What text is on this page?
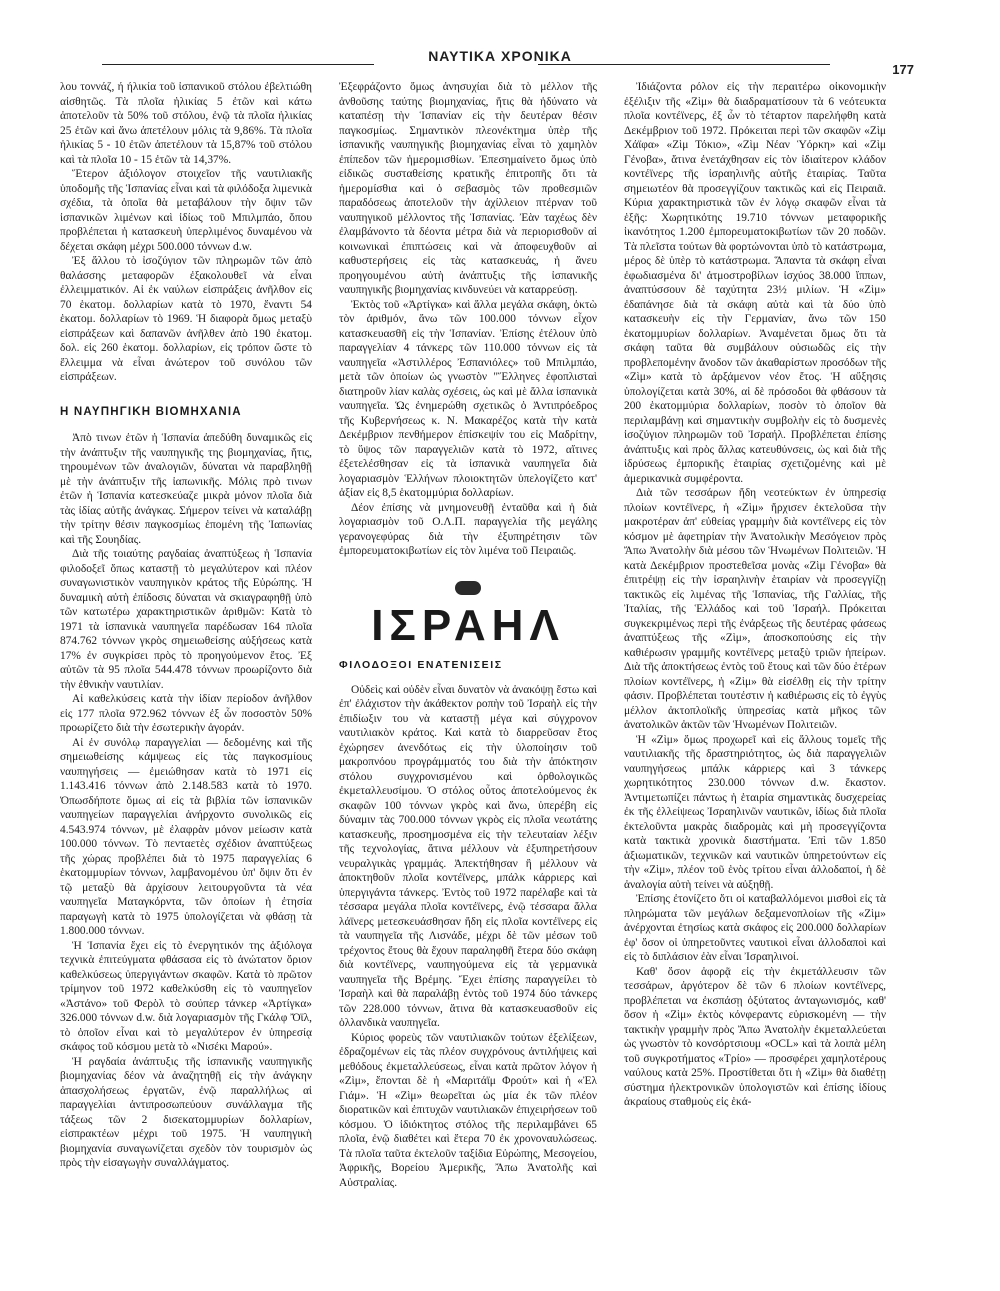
ΝΑΥΤΙΚΑ ΧΡΟΝΙΚΑ
177

λου τοννάζ, ή ήλικία τοῦ ἰσπανικοῦ στόλου ἐβελτιώθη αἰσθητῶς. Τὰ πλοῖα ἡλικίας 5 ἐτῶν καὶ κάτω ἀποτελοῦν τὰ 50% τοῦ στόλου, ἐνῷ τὰ πλοῖα ἡλικίας 25 ἐτῶν καὶ ἄνω ἀπετέλουν μόλις τὰ 9,86%. Τὰ πλοῖα ἡλικίας 5 - 10 ἐτῶν ἀπετέλουν τὰ 15,87% τοῦ στόλου καὶ τὰ πλοῖα 10 - 15 ἐτῶν τὰ 14,37%.

Ἕτερον ἀξιόλογον στοιχεῖον τῆς ναυτιλιακῆς ὑποδομῆς τῆς Ἱσπανίας εἶναι καὶ τὰ φιλόδοξα λιμενικὰ σχέδια, τὰ ὁποῖα θὰ μεταβάλουν τὴν ὄψιν τῶν ἰσπανικῶν λιμένων καὶ ἰδίως τοῦ Μπιλμπάο, ὅπου προβλέπεται ἡ κατασκευὴ ὑπερλιμένος δυναμένου νὰ δέχεται σκάφη μέχρι 500.000 τόννων d.w.

Ἐξ ἄλλου τὸ ἰσοζύγιον τῶν πληρωμῶν τῶν ἀπὸ θαλάσσης μεταφορῶν ἐξακολουθεῖ νὰ εἶναι ἐλλειμματικόν. Αἱ ἐκ ναύλων εἰσπράξεις ἀνῆλθον εἰς 70 ἑκατομ. δολλαρίων κατὰ τὸ 1970, ἔναντι 54 ἑκατομ. δολλαρίων τὸ 1969. Ἡ διαφορὰ ὅμως μεταξὺ εἰσπράξεων καὶ δαπανῶν ἀνῆλθεν ἀπὸ 190 ἑκατομ. δολ. εἰς 260 ἑκατομ. δολλαρίων, εἰς τρόπον ὥστε τὸ ἔλλειμμα νὰ εἶναι ἀνώτερον τοῦ συνόλου τῶν εἰσπράξεων.

Η ΝΑΥΠΗΓΙΚΗ ΒΙΟΜΗΧΑΝΙΑ

Ἀπὸ τινων ἐτῶν ἡ Ἱσπανία ἀπεδύθη δυναμικῶς εἰς τὴν ἀνάπτυξιν τῆς ναυπηγικῆς της βιομηχανίας, ἥτις, τηρουμένων τῶν ἀναλογιῶν, δύναται νὰ παραβληθῇ μὲ τὴν ἀνάπτυξιν τῆς ἰαπωνικῆς. Μόλις πρὸ τινων ἐτῶν ἡ Ἱσπανία κατεσκεύαζε μικρὰ μόνον πλοῖα διὰ τὰς ἰδίας αὐτῆς ἀνάγκας. Σήμερον τείνει νὰ καταλάβῃ τὴν τρίτην θέσιν παγκοσμίως ἑπομένη τῆς Ἰαπωνίας καὶ τῆς Σουηδίας.

Διὰ τῆς τοιαύτης ραγδαίας ἀναπτύξεως ἡ Ἱσπανία φιλοδοξεῖ ὅπως καταστῇ τὸ μεγαλύτερον καὶ πλέον συναγωνιστικὸν ναυπηγικὸν κράτος τῆς Εὐρώπης. Ἡ δυναμικὴ αὐτὴ ἐπίδοσις δύναται νὰ σκιαγραφηθῇ ὑπὸ τῶν κατωτέρω χαρακτηριστικῶν ἀριθμῶν: Κατὰ τὸ 1971 τὰ ἰσπανικὰ ναυπηγεῖα παρέδωσαν 164 πλοῖα 874.762 τόννων γκρὸς σημειωθείσης αὐξήσεως κατὰ 17% ἐν συγκρίσει πρὸς τὸ προηγούμενον ἔτος. Ἐξ αὐτῶν τὰ 95 πλοῖα 544.478 τόννων προωρίζοντο διὰ τὴν ἐθνικὴν ναυτιλίαν.

Αἱ καθελκύσεις κατὰ τὴν ἰδίαν περίοδον ἀνῆλθον εἰς 177 πλοῖα 972.962 τόννων ἐξ ὧν ποσοστὸν 50% προωρίζετο διὰ τὴν ἐσωτερικὴν ἀγοράν.

Αἱ ἐν συνόλῳ παραγγελίαι — δεδομένης καὶ τῆς σημειωθείσης κάμψεως εἰς τὰς παγκοσμίους ναυπηγήσεις — ἐμειώθησαν κατὰ τὸ 1971 εἰς 1.143.416 τόννων ἀπὸ 2.148.583 κατὰ τὸ 1970. Ὁπωσδήποτε ὅμως αἱ εἰς τὰ βιβλία τῶν ἰσπανικῶν ναυπηγείων παραγγελίαι ἀνήρχοντο συνολικῶς εἰς 4.543.974 τόννων, μὲ ἐλαφρὰν μόνον μείωσιν κατὰ 100.000 τόννων. Τὸ πενταετὲς σχέδιον ἀναπτύξεως τῆς χώρας προβλέπει διὰ τὸ 1975 παραγγελίας 6 ἑκατομμυρίων τόννων, λαμβανομένου ὑπ' ὄψιν ὅτι ἐν τῷ μεταξὺ θὰ ἀρχίσουν λειτουργοῦντα τὰ νέα ναυπηγεῖα Ματαγκόρντα, τῶν ὁποίων ἡ ἐτησία παραγωγὴ κατὰ τὸ 1975 ὑπολογίζεται νὰ φθάσῃ τὰ 1.800.000 τόννων.

Ἡ Ἱσπανία ἔχει εἰς τὸ ἐνεργητικόν της ἀξιόλογα τεχνικὰ ἐπιτεύγματα φθάσασα εἰς τὸ ἀνώτατον ὅριον καθελκύσεως ὑπεργιγάντων σκαφῶν. Κατὰ τὸ πρῶτον τρίμηνον τοῦ 1972 καθελκύσθη εἰς τὸ ναυπηγεῖον «Ἀστάνο» τοῦ Φερὸλ τὸ σούπερ τάνκερ «Ἀρτίγκα» 326.000 τόννων d.w. διὰ λογαριασμὸν τῆς Γκάλφ Ὄϊλ, τὸ ὁποῖον εἶναι καὶ τὸ μεγαλύτερον ἐν ὑπηρεσίᾳ σκάφος τοῦ κόσμου μετὰ τὸ «Νισέκι Μαρού».

Ἡ ραγδαία ἀνάπτυξις τῆς ἰσπανικῆς ναυπηγικῆς βιομηχανίας δέον νὰ ἀναζητηθῇ εἰς τὴν ἀνάγκην ἀπασχολήσεως ἐργατῶν, ἐνῷ παραλλήλως αἱ παραγγελίαι ἀντιπροσωπεύουν συνάλλαγμα τῆς τάξεως τῶν 2 δισεκατομμυρίων δολλαρίων, εἰσπρακτέων μέχρι τοῦ 1975. Ἡ ναυπηγικὴ βιομηχανία συναγωνίζεται σχεδὸν τὸν τουρισμὸν ὡς πρὸς τὴν εἰσαγωγὴν συναλλάγματος.

Ἐξεφράζοντο ὅμως ἀνησυχίαι διὰ τὸ μέλλον τῆς ἀνθοῦσης ταύτης βιομηχανίας, ἥτις θὰ ἠδύνατο νὰ καταπέσῃ τὴν Ἱσπανίαν εἰς τὴν δευτέραν θέσιν παγκοσμίως. Σημαντικὸν πλεονέκτημα ὑπὲρ τῆς ἰσπανικῆς ναυπηγικῆς βιομηχανίας εἶναι τὸ χαμηλὸν ἐπίπεδον τῶν ἡμερομισθίων. Ἐπεσημαίνετο ὅμως ὑπὸ εἰδικῶς συσταθείσης κρατικῆς ἐπιτροπῆς ὅτι τὰ ἡμερομίσθια καὶ ὁ σεβασμὸς τῶν προθεσμιῶν παραδόσεως ἀποτελοῦν τὴν ἀχίλλειον πτέρναν τοῦ ναυπηγικοῦ μέλλοντος τῆς Ἱσπανίας. Ἐὰν ταχέως δὲν ἐλαμβάνοντο τὰ δέοντα μέτρα διὰ νὰ περιορισθοῦν αἱ κοινωνικαὶ ἐπιπτώσεις καὶ νὰ ἀποφευχθοῦν αἱ καθυστερήσεις εἰς τὰς κατασκευάς, ἡ ἄνευ προηγουμένου αὐτὴ ἀνάπτυξις τῆς ἰσπανικῆς ναυπηγικῆς βιομηχανίας κινδυνεύει νὰ καταρρεύσῃ.

Ἐκτὸς τοῦ «Ἀρτίγκα» καὶ ἄλλα μεγάλα σκάφη, ὀκτὼ τὸν ἀριθμόν, ἄνω τῶν 100.000 τόννων εἶχον κατασκευασθῆ εἰς τὴν Ἱσπανίαν. Ἐπίσης ἐτέλουν ὑπὸ παραγγελίαν 4 τάνκερς τῶν 110.000 τόννων εἰς τὰ ναυπηγεῖα «Ἀστιλλέρος Ἐσπανιόλες» τοῦ Μπιλμπάο, μετὰ τῶν ὁποίων ὡς γνωστὸν "Ἕλληνες ἐφοπλισταὶ διατηροῦν λίαν καλὰς σχέσεις, ὡς καὶ μὲ ἄλλα ἰσπανικὰ ναυπηγεῖα. Ὡς ἐνημερώθη σχετικῶς ὁ Ἀντιπρόεδρος τῆς Κυβερνήσεως κ. Ν. Μακαρέζος κατὰ τὴν κατὰ Δεκέμβριον πενθήμερον ἐπίσκεψίν του εἰς Μαδρίτην, τὸ ὕψος τῶν παραγγελιῶν κατὰ τὸ 1972, αἵτινες ἐξετελέσθησαν εἰς τὰ ἰσπανικὰ ναυπηγεῖα διὰ λογαριασμὸν Ἑλλήνων πλοιοκτητῶν ὑπελογίζετο κατ' ἀξίαν εἰς 8,5 ἑκατομμύρια δολλαρίων.

Δέον ἐπίσης νὰ μνημονευθῇ ἐνταῦθα καὶ ἡ διὰ λογαριασμὸν τοῦ Ο.Λ.Π. παραγγελία τῆς μεγάλης γερανογεφύρας διὰ τὴν ἐξυπηρέτησιν τῶν ἐμπορευματοκιβωτίων εἰς τὸν λιμένα τοῦ Πειραιῶς.

ΙΣΡΑΗΛ
ΦΙΛΟΔΟΞΟΙ ΕΝΑΤΕΝΙΣΕΙΣ

Οὐδεὶς καὶ οὐδὲν εἶναι δυνατὸν νὰ ἀνακόψῃ ἔστω καὶ ἐπ' ἐλάχιστον τὴν ἀκάθεκτον ροπὴν τοῦ Ἰσραὴλ εἰς τὴν ἐπιδίωξιν του νὰ καταστῇ μέγα καὶ σύγχρονον ναυτιλιακὸν κράτος. Καὶ κατὰ τὸ διαρρεῦσαν ἔτος ἐχώρησεν ἀνενδότως εἰς τὴν ὑλοποίησιν τοῦ μακροπνόου προγράμματός του διὰ τὴν ἀπόκτησιν στόλου συγχρονισμένου καὶ ὀρθολογικῶς ἐκμεταλλευσίμου. Ὁ στόλος οὗτος ἀποτελούμενος ἐκ σκαφῶν 100 τόννων γκρὸς καὶ ἄνω, ὑπερέβη εἰς δύναμιν τὰς 700.000 τόννων γκρὸς εἰς πλοῖα νεωτάτης κατασκευῆς, προσημοσμένα εἰς τὴν τελευταίαν λέξιν τῆς τεχνολογίας, ἅτινα μέλλουν νὰ ἐξυπηρετήσουν νευραλγικὰς γραμμάς. Ἀπεκτήθησαν ἢ μέλλουν νὰ ἀποκτηθοῦν πλοῖα κοντέϊνερς, μπάλκ κάρριερς καὶ ὑπεργιγάντα τάνκερς. Ἐντὸς τοῦ 1972 παρέλαβε καὶ τὰ τέσσαρα μεγάλα πλοῖα κοντέϊνερς, ἐνῷ τέσσαρα ἄλλα λάϊνερς μετεσκευάσθησαν ἤδη εἰς πλοῖα κοντέϊνερς εἰς τὰ ναυπηγεῖα τῆς Λισνάδε, μέχρι δὲ τῶν μέσων τοῦ τρέχοντος ἔτους θὰ ἔχουν παραληφθῆ ἕτερα δύο σκάφη διὰ κοντέϊνερς, ναυπηγούμενα εἰς τὰ γερμανικὰ ναυπηγεῖα τῆς Βρέμης. Ἔχει ἐπίσης παραγγείλει τὸ Ἰσραὴλ καὶ θὰ παραλάβῃ ἐντὸς τοῦ 1974 δύο τάνκερς τῶν 228.000 τόννων, ἅτινα θὰ κατασκευασθοῦν εἰς ὁλλανδικὰ ναυπηγεῖα.

Κύριος φορεὺς τῶν ναυτιλιακῶν τούτων ἐξελίξεων, ἐδραζομένων εἰς τὰς πλέον συγχρόνους ἀντιλήψεις καὶ μεθόδους ἐκμεταλλεύσεως, εἶναι κατὰ πρῶτον λόγον ἡ «Ζὶμ», ἕπονται δὲ ἡ «Μαριτάϊμ Φρούτ» καὶ ἡ «Ἐλ Γιάμ». Ἡ «Ζὶμ» θεωρεῖται ὡς μία ἐκ τῶν πλέον διορατικῶν καὶ ἐπιτυχῶν ναυτιλιακῶν ἐπιχειρήσεων τοῦ κόσμου. Ὁ ἰδιόκτητος στόλος τῆς περιλαμβάνει 65 πλοῖα, ἐνῷ διαθέτει καὶ ἕτερα 70 ἐκ χρονοναυλώσεως. Τὰ πλοῖα ταῦτα ἐκτελοῦν ταξίδια Εὐρώπης, Μεσογείου, Ἀφρικῆς, Βορείου Ἀμερικῆς, Ἄπω Ἀνατολῆς καὶ Αὐστραλίας.

Ἰδιάζοντα ρόλον εἰς τὴν περαιτέρω οἰκονομικὴν ἐξέλιξιν τῆς «Ζὶμ» θὰ διαδραματίσουν τὰ 6 νεότευκτα πλοῖα κοντέϊνερς, ἐξ ὧν τὸ τέταρτον παρελήφθη κατὰ Δεκέμβριον τοῦ 1972. Πρόκειται περὶ τῶν σκαφῶν «Ζὶμ Χάϊφα» «Ζὶμ Τόκιο», «Ζὶμ Νέαν Ὑόρκη» καὶ «Ζὶμ Γένοβα», ἅτινα ἐνετάχθησαν εἰς τὸν ἰδιαίτερον κλάδον κοντέϊνερς τῆς ἰσραηλινῆς αὐτῆς ἑταιρίας. Ταῦτα σημειωτέον θὰ προσεγγίζουν τακτικῶς καὶ εἰς Πειραιᾶ. Κύρια χαρακτηριστικὰ τῶν ἐν λόγῳ σκαφῶν εἶναι τὰ ἑξῆς: Χωρητικότης 19.710 τόννων μεταφορικῆς ἱκανότητος 1.200 ἐμπορευματοκιβωτίων τῶν 20 ποδῶν. Τὰ πλεῖστα τούτων θὰ φορτώνονται ὑπὸ τὸ κατάστρωμα, μέρος δὲ ὑπὲρ τὸ κατάστρωμα. Ἅπαντα τὰ σκάφη εἶναι ἐφωδιασμένα δι' ἀτμοστροβίλων ἰσχύος 38.000 ἵππων, ἀναπτύσσουν δὲ ταχύτητα 23½ μιλίων. Ἡ «Ζὶμ» ἐδαπάνησε διὰ τὰ σκάφη αὐτὰ καὶ τὰ δύο ὑπὸ κατασκευὴν εἰς τὴν Γερμανίαν, ἄνω τῶν 150 ἑκατομμυρίων δολλαρίων. Ἀναμένεται ὅμως ὅτι τὰ σκάφη ταῦτα θὰ συμβάλουν οὐσιωδῶς εἰς τὴν προβλεπομένην ἄνοδον τῶν ἀκαθαρίστων προσόδων τῆς «Ζὶμ» κατὰ τὸ ἀρξάμενον νέον ἔτος. Ἡ αὔξησις ὑπολογίζεται κατὰ 30%, αἱ δὲ πρόσοδοι θὰ φθάσουν τὰ 200 ἑκατομμύρια δολλαρίων, ποσὸν τὸ ὁποῖον θὰ περιλαμβάνῃ καὶ σημαντικὴν συμβολὴν εἰς τὸ δυσμενὲς ἰσοζύγιον πληρωμῶν τοῦ Ἰσραήλ. Προβλέπεται ἐπίσης ἀνάπτυξις καὶ πρὸς ἄλλας κατευθύνσεις, ὡς καὶ διὰ τῆς ἱδρύσεως ἐμπορικῆς ἑταιρίας σχετιζομένης καὶ μὲ ἀμερικανικὰ συμφέροντα.

Διὰ τῶν τεσσάρων ἤδη νεοτεύκτων ἐν ὑπηρεσίᾳ πλοίων κοντέϊνερς, ἡ «Ζὶμ» ἤρχισεν ἐκτελοῦσα τὴν μακροτέραν ἀπ' εὐθείας γραμμὴν διὰ κοντέϊνερς εἰς τὸν κόσμον μὲ ἀφετηρίαν τὴν Ἀνατολικὴν Μεσόγειον πρὸς Ἄπω Ἀνατολὴν διὰ μέσου τῶν Ἡνωμένων Πολιτειῶν. Ἡ κατὰ Δεκέμβριον προστεθεῖσα μονὰς «Ζὶμ Γένοβα» θὰ ἐπιτρέψῃ εἰς τὴν ἰσραηλινὴν ἑταιρίαν νὰ προσεγγίζῃ τακτικῶς εἰς λιμένας τῆς Ἱσπανίας, τῆς Γαλλίας, τῆς Ἰταλίας, τῆς Ἑλλάδος καὶ τοῦ Ἰσραήλ. Πρόκειται συγκεκριμένως περὶ τῆς ἐνάρξεως τῆς δευτέρας φάσεως ἀναπτύξεως τῆς «Ζὶμ», ἀποσκοπούσης εἰς τὴν καθιέρωσιν γραμμῆς κοντέϊνερς μεταξὺ τριῶν ἠπείρων. Διὰ τῆς ἀποκτήσεως ἐντὸς τοῦ ἔτους καὶ τῶν δύο ἑτέρων πλοίων κοντέϊνερς, ἡ «Ζὶμ» θὰ εἰσέλθῃ εἰς τὴν τρίτην φάσιν. Προβλέπεται τουτέστιν ἡ καθιέρωσις εἰς τὸ ἐγγὺς μέλλον ἀκτοπλοϊκῆς ὑπηρεσίας κατὰ μῆκος τῶν ἀνατολικῶν ἀκτῶν τῶν Ἡνωμένων Πολιτειῶν.

Ἡ «Ζὶμ» ὅμως προχωρεῖ καὶ εἰς ἄλλους τομεῖς τῆς ναυτιλιακῆς τῆς δραστηριότητος, ὡς διὰ παραγγελιῶν ναυπηγήσεως μπάλκ κάρριερς καὶ 3 τάνκερς χωρητικότητος 230.000 τόννων d.w. ἕκαστον. Ἀντιμετωπίζει πάντως ἡ ἑταιρία σημαντικὰς δυσχερείας ἐκ τῆς ἐλλείψεως Ἰσραηλινῶν ναυτικῶν, ἰδίως διὰ πλοῖα ἐκτελοῦντα μακρὰς διαδρομὰς καὶ μὴ προσεγγίζοντα κατὰ τακτικὰ χρονικὰ διαστήματα. Ἐπὶ τῶν 1.850 ἀξιωματικῶν, τεχνικῶν καὶ ναυτικῶν ὑπηρετούντων εἰς τὴν «Ζὶμ», πλέον τοῦ ἑνὸς τρίτου εἶναι ἀλλοδαποί, ἡ δὲ ἀναλογία αὐτὴ τείνει νὰ αὐξηθῇ.

Ἐπίσης ἐτονίζετο ὅτι οἱ καταβαλλόμενοι μισθοὶ εἰς τὰ πληρώματα τῶν μεγάλων δεξαμενοπλοίων τῆς «Ζὶμ» ἀνέρχονται ἐτησίως κατὰ σκάφος εἰς 200.000 δολλαρίων ἐφ' ὅσον οἱ ὑπηρετοῦντες ναυτικοὶ εἶναι ἀλλοδαποὶ καὶ εἰς τὸ διπλάσιον ἐὰν εἶναι Ἰσραηλινοί.

Καθ' ὅσον ἀφορᾷ εἰς τὴν ἐκμετάλλευσιν τῶν τεσσάρων, ἀργότερον δὲ τῶν 6 πλοίων κοντέϊνερς, προβλέπεται να ἐκσπάσῃ ὀξύτατος ἀνταγωνισμός, καθ' ὅσον ἡ «Ζὶμ» ἐκτὸς κόνφεραντς εὑρισκομένη — τὴν τακτικὴν γραμμὴν πρὸς Ἄπω Ἀνατολὴν ἐκμεταλλεύεται ὡς γνωστὸν τὸ κονσόρτσιουμ «OCL» καὶ τὰ λοιπὰ μέλη τοῦ συγκροτήματος «Τρίο» — προσφέρει χαμηλοτέρους ναύλους κατὰ 25%. Προστίθεται ὅτι ἡ «Ζὶμ» θὰ διαθέτῃ σύστημα ἠλεκτρονικῶν ὑπολογιστῶν καὶ ἐπίσης ἰδίους ἀκραίους σταθμοὺς εἰς ἑκά-
